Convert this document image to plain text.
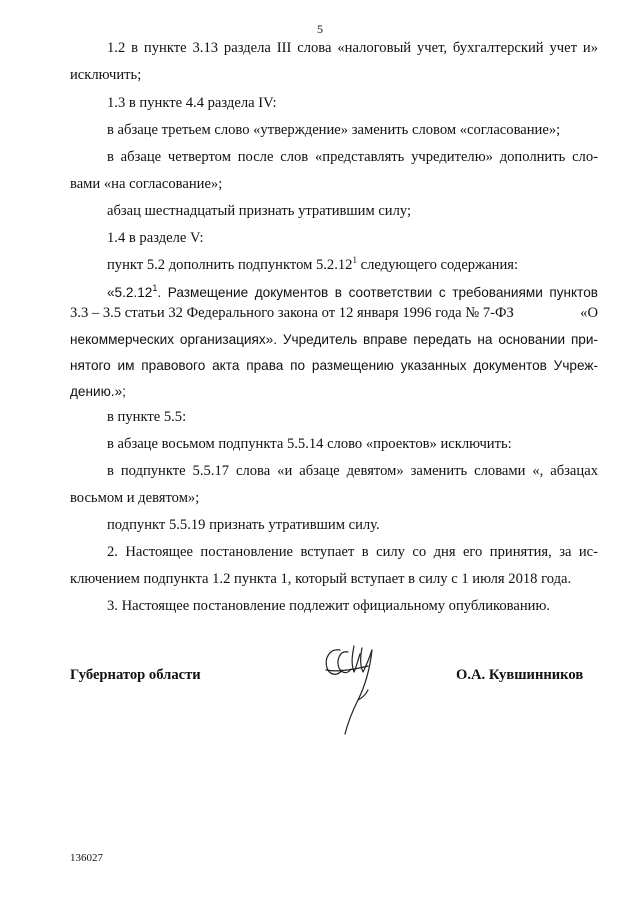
5
1.2 в пункте 3.13 раздела III слова «налоговый учет, бухгалтерский учет и»
исключить;
1.3 в пункте 4.4 раздела IV:
в абзаце третьем слово «утверждение» заменить словом «согласование»;
в абзаце четвертом после слов «представлять учредителю» дополнить сло-
вами «на согласование»;
абзац шестнадцатый признать утратившим силу;
1.4 в разделе V:
пункт 5.2 дополнить подпунктом 5.2.12$^1$ следующего содержания:
«5.2.12$^1$. Размещение документов в соответствии с требованиями пунктов
3.3 – 3.5 статьи 32 Федерального закона от 12 января 1996 года № 7-ФЗ	«О
некоммерческих организациях». Учредитель вправе передать на основании при-
нятого им правового акта права по размещению указанных документов Учреж-
дению.»;
в пункте 5.5:
в абзаце восьмом подпункта 5.5.14 слово «проектов» исключить:
в подпункте 5.5.17 слова «и абзаце девятом» заменить словами «, абзацах
восьмом и девятом»;
подпункт 5.5.19 признать утратившим силу.
2. Настоящее постановление вступает в силу со дня его принятия, за ис-
ключением подпункта 1.2 пункта 1, который вступает в силу с 1 июля 2018 года.
3. Настоящее постановление подлежит официальному опубликованию.
Губернатор области	О.А. Кувшинников
136027
